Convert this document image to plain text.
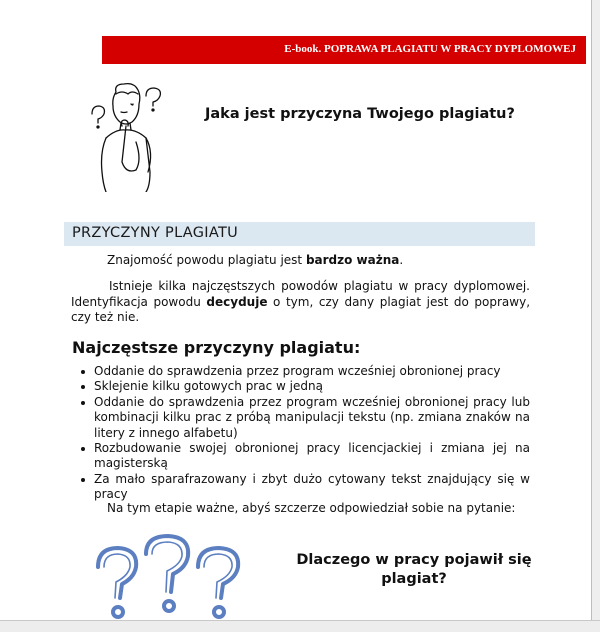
E-book. POPRAWA PLAGIATU W PRACY DYPLOMOWEJ
Jaka jest przyczyna Twojego plagiatu?
PRZYCZYNY PLAGIATU
Znajomość powodu plagiatu jest bardzo ważna.
Istnieje kilka najczęstszych powodów plagiatu w pracy dyplomowej. Identyfikacja powodu decyduje o tym, czy dany plagiat jest do poprawy, czy też nie.
Najczęstsze przyczyny plagiatu:
Oddanie do sprawdzenia przez program wcześniej obronionej pracy
Sklejenie kilku gotowych prac w jedną
Oddanie do sprawdzenia przez program wcześniej obronionej pracy lub kombinacji kilku prac z próbą manipulacji tekstu (np. zmiana znaków na litery z innego alfabetu)
Rozbudowanie swojej obronionej pracy licencjackiej i zmiana jej na magisterską
Za mało sparafrazowany i zbyt dużo cytowany tekst znajdujący się w pracy
Na tym etapie ważne, abyś szczerze odpowiedział sobie na pytanie:
Dlaczego w pracy pojawił się plagiat?
